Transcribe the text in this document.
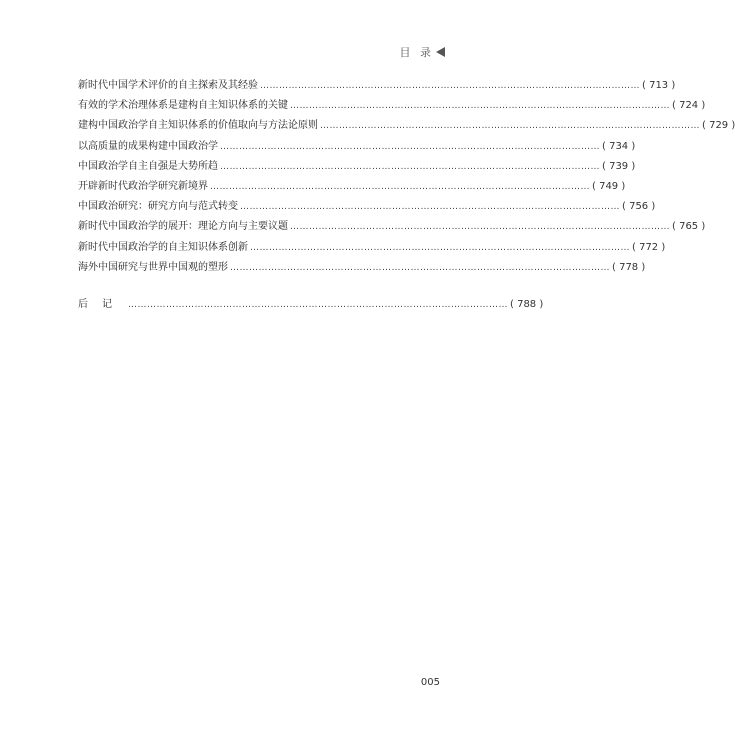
目 录
新时代中国学术评价的自主探索及其经验 ………………………………………………………………………………………………………… ( 713 )
有效的学术治理体系是建构自主知识体系的关键 ………………………………………………………………………………………………………… ( 724 )
建构中国政治学自主知识体系的价值取向与方法论原则 ………………………………………………………………………………………………………… ( 729 )
以高质量的成果构建中国政治学 ………………………………………………………………………………………………………… ( 734 )
中国政治学自主自强是大势所趋 ………………………………………………………………………………………………………… ( 739 )
开辟新时代政治学研究新境界 ………………………………………………………………………………………………………… ( 749 )
中国政治研究：研究方向与范式转变 ………………………………………………………………………………………………………… ( 756 )
新时代中国政治学的展开：理论方向与主要议题 ………………………………………………………………………………………………………… ( 765 )
新时代中国政治学的自主知识体系创新 ………………………………………………………………………………………………………… ( 772 )
海外中国研究与世界中国观的塑形 ………………………………………………………………………………………………………… ( 778 )
后记 ………………………………………………………………………………………………………… ( 788 )
005
